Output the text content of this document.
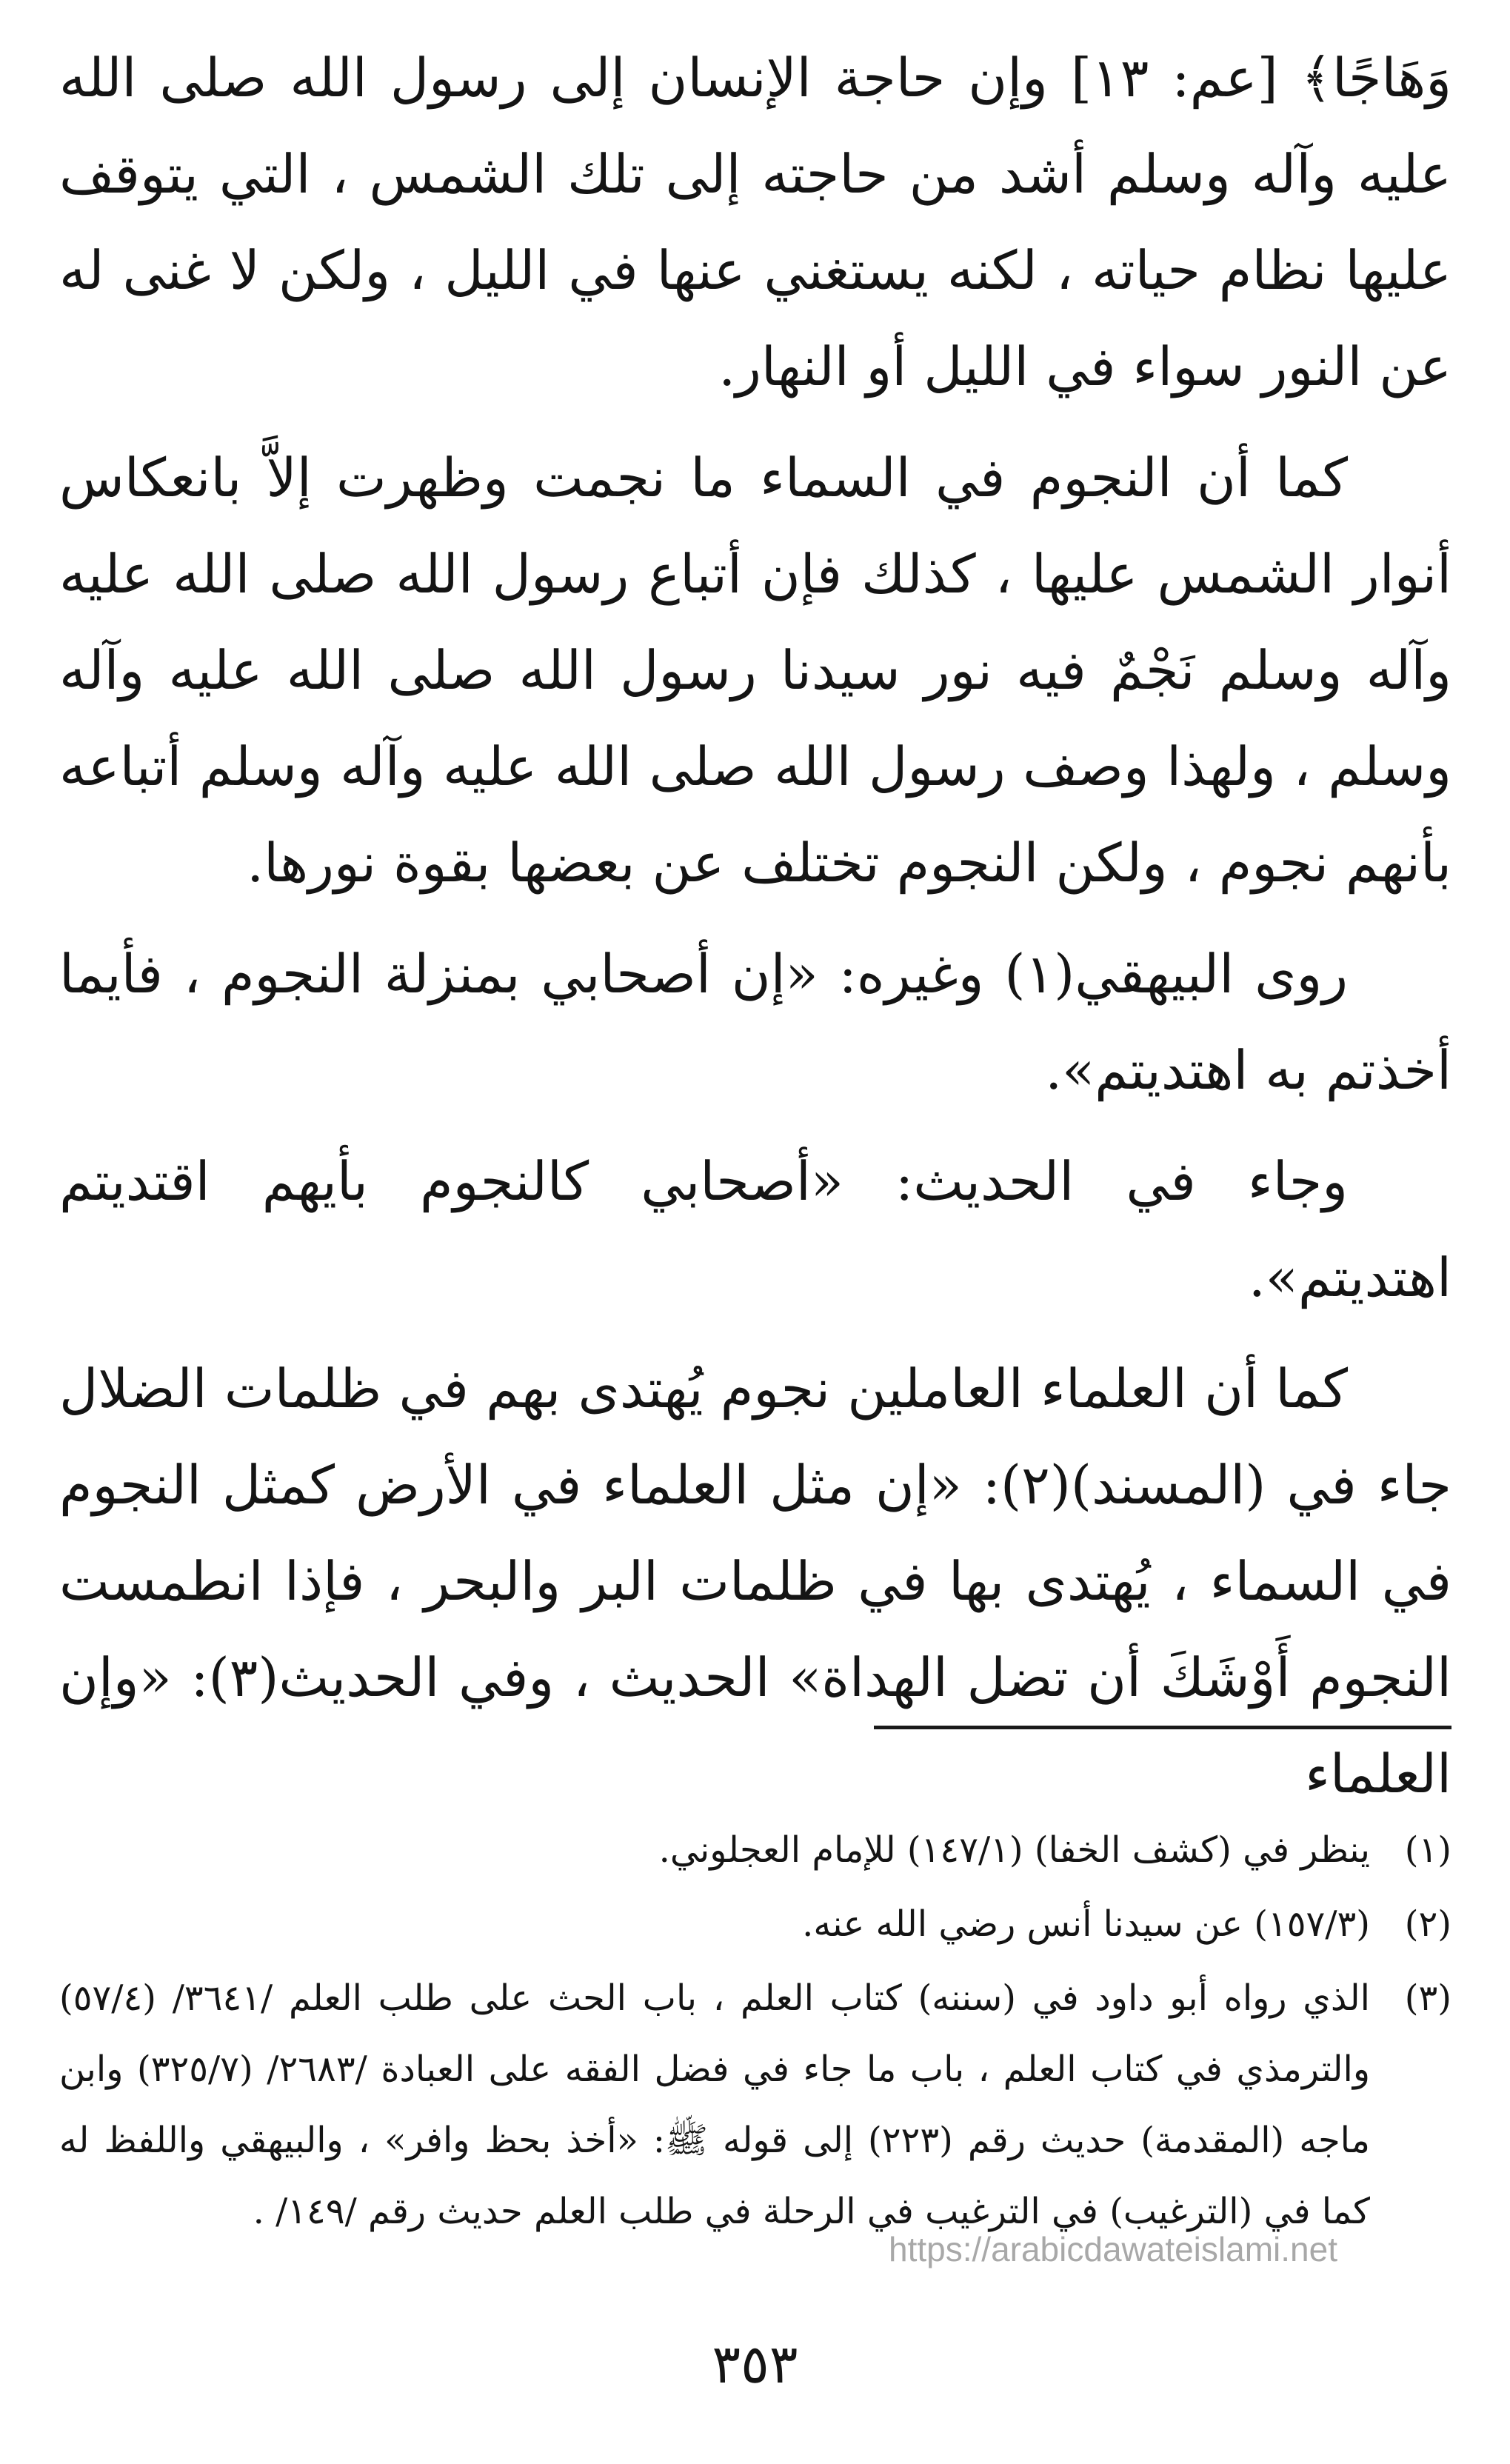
وَهَاجًا﴾ [عم: ١٣] وإن حاجة الإنسان إلى رسول الله صلى الله عليه وآله وسلم أشد من حاجته إلى تلك الشمس ، التي يتوقف عليها نظام حياته ، لكنه يستغني عنها في الليل ، ولكن لا غنى له عن النور سواء في الليل أو النهار.

كما أن النجوم في السماء ما نجمت وظهرت إلاَّ بانعكاس أنوار الشمس عليها ، كذلك فإن أتباع رسول الله صلى الله عليه وآله وسلم نَجْمٌ فيه نور سيدنا رسول الله صلى الله عليه وآله وسلم ، ولهذا وصف رسول الله صلى الله عليه وآله وسلم أتباعه بأنهم نجوم ، ولكن النجوم تختلف عن بعضها بقوة نورها.

روى البيهقي(١) وغيره: «إن أصحابي بمنزلة النجوم ، فأيما أخذتم به اهتديتم».

وجاء في الحديث: «أصحابي كالنجوم بأيهم اقتديتم اهتديتم».

كما أن العلماء العاملين نجوم يُهتدى بهم في ظلمات الضلال جاء في (المسند)(٢): «إن مثل العلماء في الأرض كمثل النجوم في السماء ، يُهتدى بها في ظلمات البر والبحر ، فإذا انطمست النجوم أَوْشَكَ أن تضل الهداة» الحديث ، وفي الحديث(٣): «وإن العلماء

(١)
ينظر في (كشف الخفا) (١٤٧/١) للإمام العجلوني.
(٢)
(١٥٧/٣) عن سيدنا أنس رضي الله عنه.
(٣)
الذي رواه أبو داود في (سننه) كتاب العلم ، باب الحث على طلب العلم /٣٦٤١/ (٥٧/٤) والترمذي في كتاب العلم ، باب ما جاء في فضل الفقه على العبادة /٢٦٨٣/ (٣٢٥/٧) وابن ماجه (المقدمة) حديث رقم (٢٢٣) إلى قوله ﷺ: «أخذ بحظ وافر» ، والبيهقي واللفظ له كما في (الترغيب) في الترغيب في الرحلة في طلب العلم حديث رقم /١٤٩/ .
https://arabicdawateislami.net
٣٥٣
